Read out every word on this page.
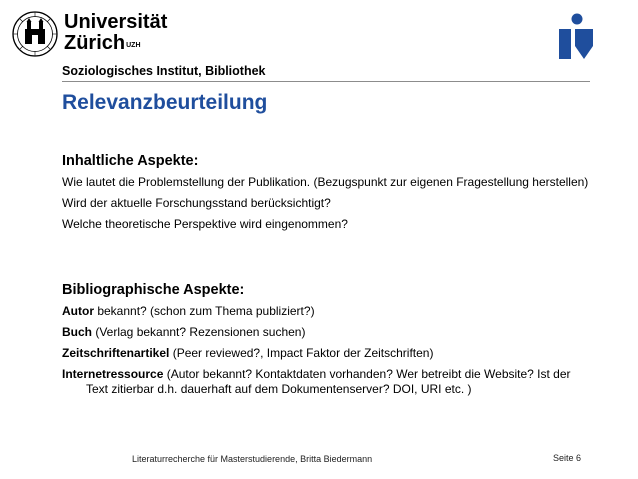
Universität
Zürich$^{UZH}$
Soziologisches Institut, Bibliothek
Relevanzbeurteilung
Inhaltliche Aspekte:
Wie lautet die Problemstellung der Publikation. (Bezugspunkt zur eigenen Fragestellung herstellen)
Wird der aktuelle Forschungsstand berücksichtigt?
Welche theoretische Perspektive wird eingenommen?
Bibliographische Aspekte:
Autor bekannt? (schon zum Thema publiziert?)
Buch (Verlag bekannt? Rezensionen suchen)
Zeitschriftenartikel (Peer reviewed?, Impact Faktor der Zeitschriften)
Internetressource (Autor bekannt? Kontaktdaten vorhanden? Wer betreibt die Website? Ist der Text zitierbar d.h. dauerhaft auf dem Dokumentenserver? DOI, URI etc. )
Literaturrecherche für Masterstudierende, Britta Biedermann	Seite 6
